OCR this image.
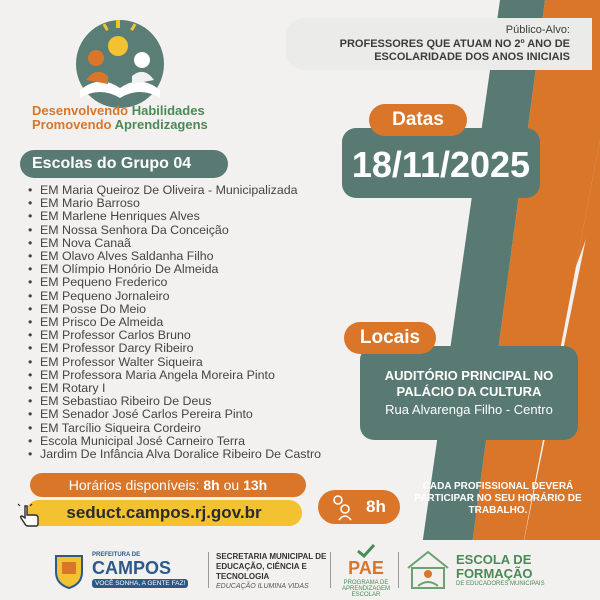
Desenvolvendo Habilidades
Promovendo Aprendizagens
Público-Alvo:
PROFESSORES QUE ATUAM NO 2º ANO DE
ESCOLARIDADE DOS ANOS INICIAIS
Datas
18/11/2025
Escolas do Grupo 04
• EM Maria Queiroz De Oliveira - Municipalizada
• EM Mario Barroso
• EM Marlene Henriques Alves
• EM Nossa Senhora Da Conceição
• EM Nova Canaã
• EM Olavo Alves Saldanha Filho
• EM Olímpio Honório De Almeida
• EM Pequeno Frederico
• EM Pequeno Jornaleiro
• EM Posse Do Meio
• EM Prisco De Almeida
• EM Professor Carlos Bruno
• EM Professor Darcy Ribeiro
• EM Professor Walter Siqueira
• EM Professora Maria Angela Moreira Pinto
• EM Rotary I
• EM Sebastiao Ribeiro De Deus
• EM Senador José Carlos Pereira Pinto
• EM Tarcílio Siqueira Cordeiro
• Escola Municipal José Carneiro Terra
• Jardim De Infância Alva Doralice Ribeiro De Castro
Locais
AUDITÓRIO PRINCIPAL NO
PALÁCIO DA CULTURA
Rua Alvarenga Filho - Centro
Horários disponíveis: 8h ou 13h
seduct.campos.rj.gov.br	8h
CADA PROFISSIONAL DEVERÁ PARTICIPAR NO SEU HORÁRIO DE TRABALHO.
PREFEITURA DE
CAMPOS
VOCÊ SONHA, A GENTE FAZ!
SECRETARIA MUNICIPAL DE EDUCAÇÃO, CIÊNCIA E TECNOLOGIA
EDUCAÇÃO ILUMINA VIDAS
PAE
PROGRAMA DE APRENDIZAGEM ESCOLAR
ESCOLA DE
FORMAÇÃO
DE EDUCADORES MUNICIPAIS
